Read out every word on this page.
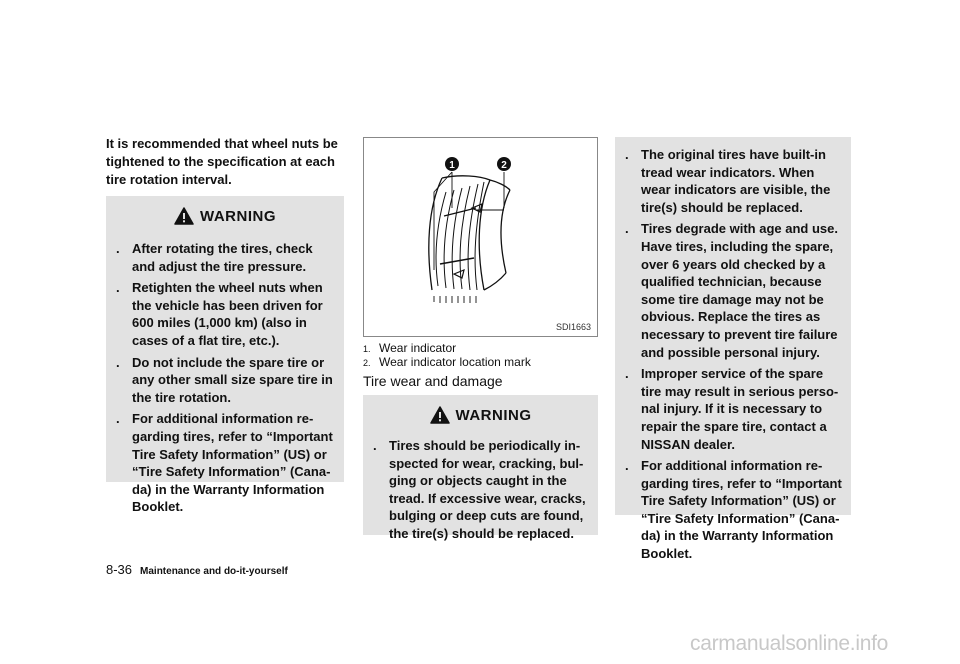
It is recommended that wheel nuts be tightened to the specification at each tire rotation interval.
WARNING
. After rotating the tires, check and adjust the tire pressure.
. Retighten the wheel nuts when the vehicle has been driven for 600 miles (1,000 km) (also in cases of a flat tire, etc.).
. Do not include the spare tire or any other small size spare tire in the tire rotation.
. For additional information re-garding tires, refer to “Important Tire Safety Information” (US) or “Tire Safety Information” (Cana-da) in the Warranty Information Booklet.
1	2
SDI1663
1. Wear indicator
2. Wear indicator location mark
Tire wear and damage
WARNING
. Tires should be periodically in-spected for wear, cracking, bul-ging or objects caught in the tread. If excessive wear, cracks, bulging or deep cuts are found, the tire(s) should be replaced.
. The original tires have built-in tread wear indicators. When wear indicators are visible, the tire(s) should be replaced.
. Tires degrade with age and use. Have tires, including the spare, over 6 years old checked by a qualified technician, because some tire damage may not be obvious. Replace the tires as necessary to prevent tire failure and possible personal injury.
. Improper service of the spare tire may result in serious perso-nal injury. If it is necessary to repair the spare tire, contact a NISSAN dealer.
. For additional information re-garding tires, refer to “Important Tire Safety Information” (US) or “Tire Safety Information” (Cana-da) in the Warranty Information Booklet.
8-36 Maintenance and do-it-yourself
carmanualsonline.info
